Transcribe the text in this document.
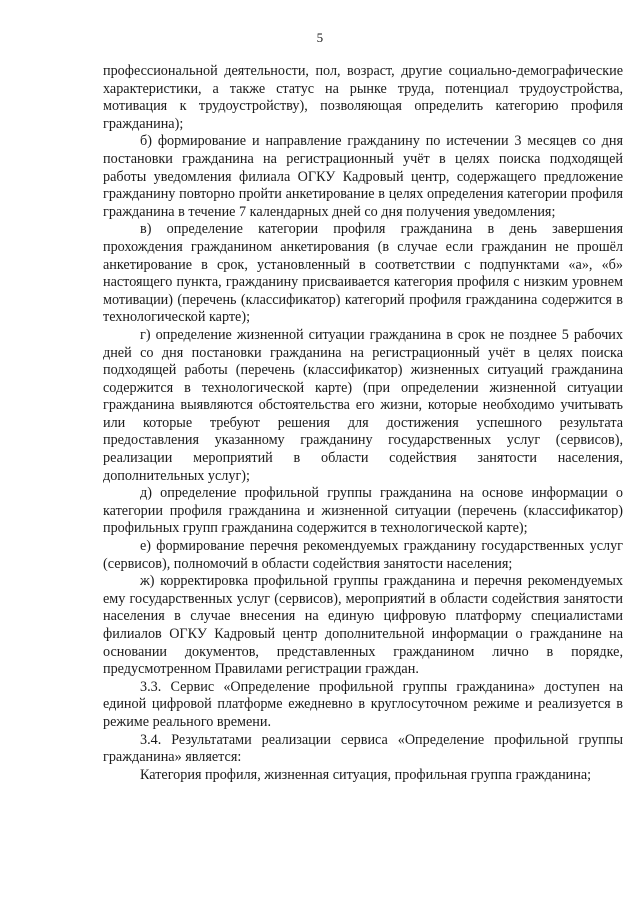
5

профессиональной деятельности, пол, возраст, другие социально-демографические характеристики, а также статус на рынке труда, потенциал трудоустройства, мотивация к трудоустройству), позволяющая определить категорию профиля гражданина);

б) формирование и направление гражданину по истечении 3 месяцев со дня постановки гражданина на регистрационный учёт в целях поиска подходящей работы уведомления филиала ОГКУ Кадровый центр, содержащего предложение гражданину повторно пройти анкетирование в целях определения категории профиля гражданина в течение 7 календарных дней со дня получения уведомления;

в) определение категории профиля гражданина в день завершения прохождения гражданином анкетирования (в случае если гражданин не прошёл анкетирование в срок, установленный в соответствии с подпунктами «а», «б» настоящего пункта, гражданину присваивается категория профиля с низким уровнем мотивации) (перечень (классификатор) категорий профиля гражданина содержится в технологической карте);

г) определение жизненной ситуации гражданина в срок не позднее 5 рабочих дней со дня постановки гражданина на регистрационный учёт в целях поиска подходящей работы (перечень (классификатор) жизненных ситуаций гражданина содержится в технологической карте) (при определении жизненной ситуации гражданина выявляются обстоятельства его жизни, которые необходимо учитывать или которые требуют решения для достижения успешного результата предоставления указанному гражданину государственных услуг (сервисов), реализации мероприятий в области содействия занятости населения, дополнительных услуг);

д) определение профильной группы гражданина на основе информации о категории профиля гражданина и жизненной ситуации (перечень (классификатор) профильных групп гражданина содержится в технологической карте);

е) формирование перечня рекомендуемых гражданину государственных услуг (сервисов), полномочий в области содействия занятости населения;

ж) корректировка профильной группы гражданина и перечня рекомендуемых ему государственных услуг (сервисов), мероприятий в области содействия занятости населения в случае внесения на единую цифровую платформу специалистами филиалов ОГКУ Кадровый центр дополнительной информации о гражданине на основании документов, представленных гражданином лично в порядке, предусмотренном Правилами регистрации граждан.

3.3. Сервис «Определение профильной группы гражданина» доступен на единой цифровой платформе ежедневно в круглосуточном режиме и реализуется в режиме реального времени.

3.4. Результатами реализации сервиса «Определение профильной группы гражданина» является:

Категория профиля, жизненная ситуация, профильная группа гражданина;
